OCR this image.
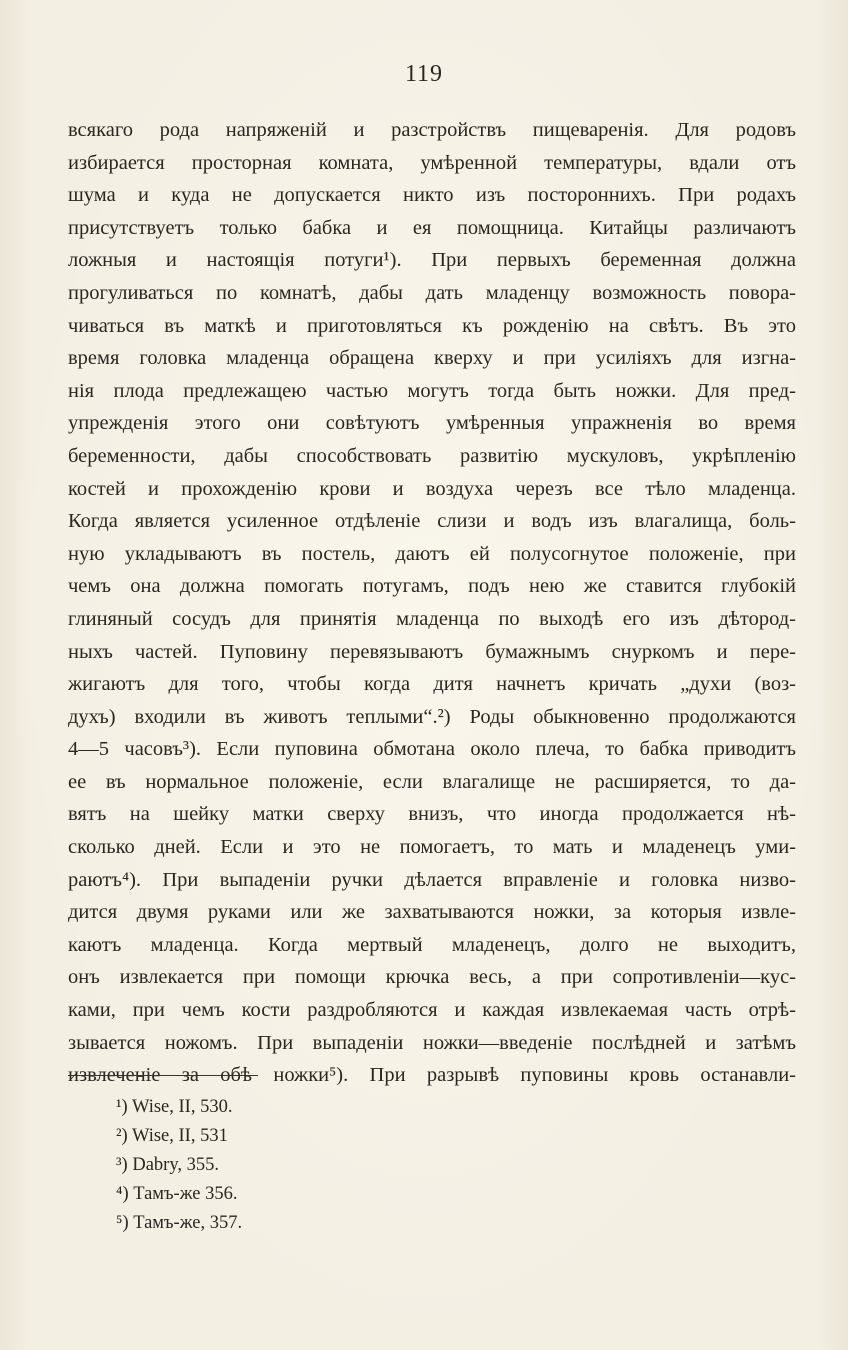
119
всякаго рода напряженій и разстройствъ пищеваренія. Для родовъ
избирается просторная комната, умѣренной температуры, вдали отъ
шума и куда не допускается никто изъ постороннихъ. При родахъ
присутствуетъ только бабка и ея помощница. Китайцы различаютъ
ложныя и настоящія потуги¹). При первыхъ беременная должна
прогуливаться по комнатѣ, дабы дать младенцу возможность повора-
чиваться въ маткѣ и приготовляться къ рожденію на свѣтъ. Въ это
время головка младенца обращена кверху и при усиліяхъ для изгна-
нія плода предлежащею частью могутъ тогда быть ножки. Для пред-
упрежденія этого они совѣтуютъ умѣренныя упражненія во время
беременности, дабы способствовать развитію мускуловъ, укрѣпленію
костей и прохожденію крови и воздуха черезъ все тѣло младенца.
Когда является усиленное отдѣленіе слизи и водъ изъ влагалища, боль-
ную укладываютъ въ постель, даютъ ей полусогнутое положеніе, при
чемъ она должна помогать потугамъ, подъ нею же ставится глубокій
глиняный сосудъ для принятія младенца по выходѣ его изъ дѣтород-
ныхъ частей. Пуповину перевязываютъ бумажнымъ снуркомъ и пере-
жигаютъ для того, чтобы когда дитя начнетъ кричать „духи (воз-
духъ) входили въ животъ теплыми“.²) Роды обыкновенно продолжаются
4—5 часовъ³). Если пуповина обмотана около плеча, то бабка приводитъ
ее въ нормальное положеніе, если влагалище не расширяется, то да-
вятъ на шейку матки сверху внизъ, что иногда продолжается нѣ-
сколько дней. Если и это не помогаетъ, то мать и младенецъ уми-
раютъ⁴). При выпаденіи ручки дѣлается вправленіе и головка низво-
дится двумя руками или же захватываются ножки, за которыя извле-
каютъ младенца. Когда мертвый младенецъ, долго не выходитъ,
онъ извлекается при помощи крючка весь, а при сопротивленіи—кус-
ками, при чемъ кости раздробляются и каждая извлекаемая часть отрѣ-
зывается ножомъ. При выпаденіи ножки—введеніе послѣдней и затѣмъ
извлеченіе за обѣ ножки⁵). При разрывѣ пуповины кровь останавли-
¹) Wise, II, 530.
²) Wise, II, 531
³) Dabry, 355.
⁴) Тамъ-же 356.
⁵) Тамъ-же, 357.
